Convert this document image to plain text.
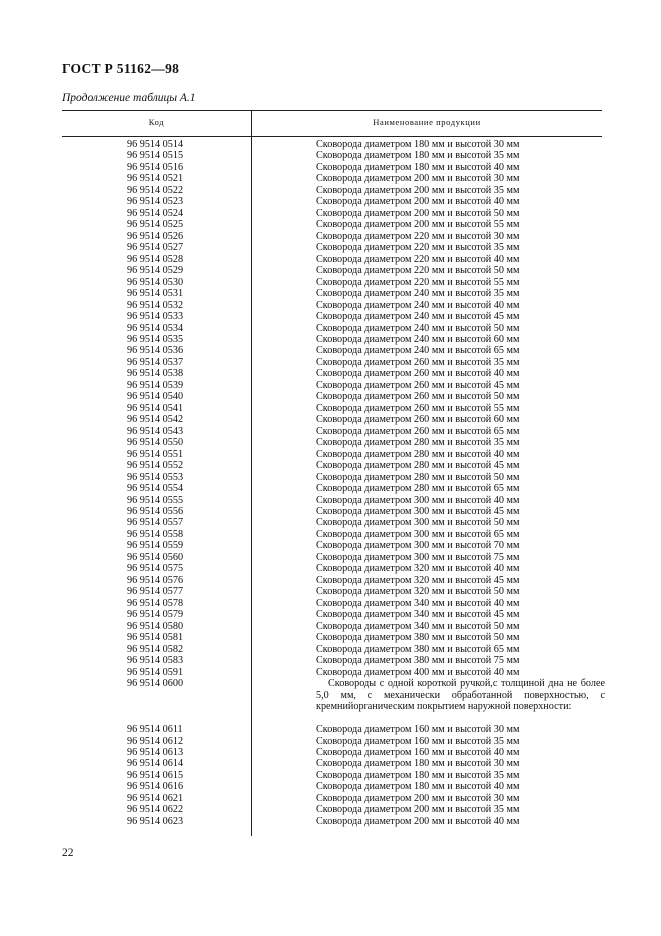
ГОСТ Р 51162—98
Продолжение таблицы А.1
Код	Наименование продукции
96 9514 0514	Сковорода диаметром 180 мм и высотой 30 мм
96 9514 0515	Сковорода диаметром 180 мм и высотой 35 мм
96 9514 0516	Сковорода диаметром 180 мм и высотой 40 мм
96 9514 0521	Сковорода диаметром 200 мм и высотой 30 мм
96 9514 0522	Сковорода диаметром 200 мм и высотой 35 мм
96 9514 0523	Сковорода диаметром 200 мм и высотой 40 мм
96 9514 0524	Сковорода диаметром 200 мм и высотой 50 мм
96 9514 0525	Сковорода диаметром 200 мм и высотой 55 мм
96 9514 0526	Сковорода диаметром 220 мм и высотой 30 мм
96 9514 0527	Сковорода диаметром 220 мм и высотой 35 мм
96 9514 0528	Сковорода диаметром 220 мм и высотой 40 мм
96 9514 0529	Сковорода диаметром 220 мм и высотой 50 мм
96 9514 0530	Сковорода диаметром 220 мм и высотой 55 мм
96 9514 0531	Сковорода диаметром 240 мм и высотой 35 мм
96 9514 0532	Сковорода диаметром 240 мм и высотой 40 мм
96 9514 0533	Сковорода диаметром 240 мм и высотой 45 мм
96 9514 0534	Сковорода диаметром 240 мм и высотой 50 мм
96 9514 0535	Сковорода диаметром 240 мм и высотой 60 мм
96 9514 0536	Сковорода диаметром 240 мм и высотой 65 мм
96 9514 0537	Сковорода диаметром 260 мм и высотой 35 мм
96 9514 0538	Сковорода диаметром 260 мм и высотой 40 мм
96 9514 0539	Сковорода диаметром 260 мм и высотой 45 мм
96 9514 0540	Сковорода диаметром 260 мм и высотой 50 мм
96 9514 0541	Сковорода диаметром 260 мм и высотой 55 мм
96 9514 0542	Сковорода диаметром 260 мм и высотой 60 мм
96 9514 0543	Сковорода диаметром 260 мм и высотой 65 мм
96 9514 0550	Сковорода диаметром 280 мм и высотой 35 мм
96 9514 0551	Сковорода диаметром 280 мм и высотой 40 мм
96 9514 0552	Сковорода диаметром 280 мм и высотой 45 мм
96 9514 0553	Сковорода диаметром 280 мм и высотой 50 мм
96 9514 0554	Сковорода диаметром 280 мм и высотой 65 мм
96 9514 0555	Сковорода диаметром 300 мм и высотой 40 мм
96 9514 0556	Сковорода диаметром 300 мм и высотой 45 мм
96 9514 0557	Сковорода диаметром 300 мм и высотой 50 мм
96 9514 0558	Сковорода диаметром 300 мм и высотой 65 мм
96 9514 0559	Сковорода диаметром 300 мм и высотой 70 мм
96 9514 0560	Сковорода диаметром 300 мм и высотой 75 мм
96 9514 0575	Сковорода диаметром 320 мм и высотой 40 мм
96 9514 0576	Сковорода диаметром 320 мм и высотой 45 мм
96 9514 0577	Сковорода диаметром 320 мм и высотой 50 мм
96 9514 0578	Сковорода диаметром 340 мм и высотой 40 мм
96 9514 0579	Сковорода диаметром 340 мм и высотой 45 мм
96 9514 0580	Сковорода диаметром 340 мм и высотой 50 мм
96 9514 0581	Сковорода диаметром 380 мм и высотой 50 мм
96 9514 0582	Сковорода диаметром 380 мм и высотой 65 мм
96 9514 0583	Сковорода диаметром 380 мм и высотой 75 мм
96 9514 0591	Сковорода диаметром 400 мм и высотой 40 мм
96 9514 0600	Сковороды с одной короткой ручкой,с толщиной дна не более 5,0 мм, с механически обработанной поверхностью, с кремнийорганическим покрытием наружной поверхности:
96 9514 0611	Сковорода диаметром 160 мм и высотой 30 мм
96 9514 0612	Сковорода диаметром 160 мм и высотой 35 мм
96 9514 0613	Сковорода диаметром 160 мм и высотой 40 мм
96 9514 0614	Сковорода диаметром 180 мм и высотой 30 мм
96 9514 0615	Сковорода диаметром 180 мм и высотой 35 мм
96 9514 0616	Сковорода диаметром 180 мм и высотой 40 мм
96 9514 0621	Сковорода диаметром 200 мм и высотой 30 мм
96 9514 0622	Сковорода диаметром 200 мм и высотой 35 мм
96 9514 0623	Сковорода диаметром 200 мм и высотой 40 мм
22
